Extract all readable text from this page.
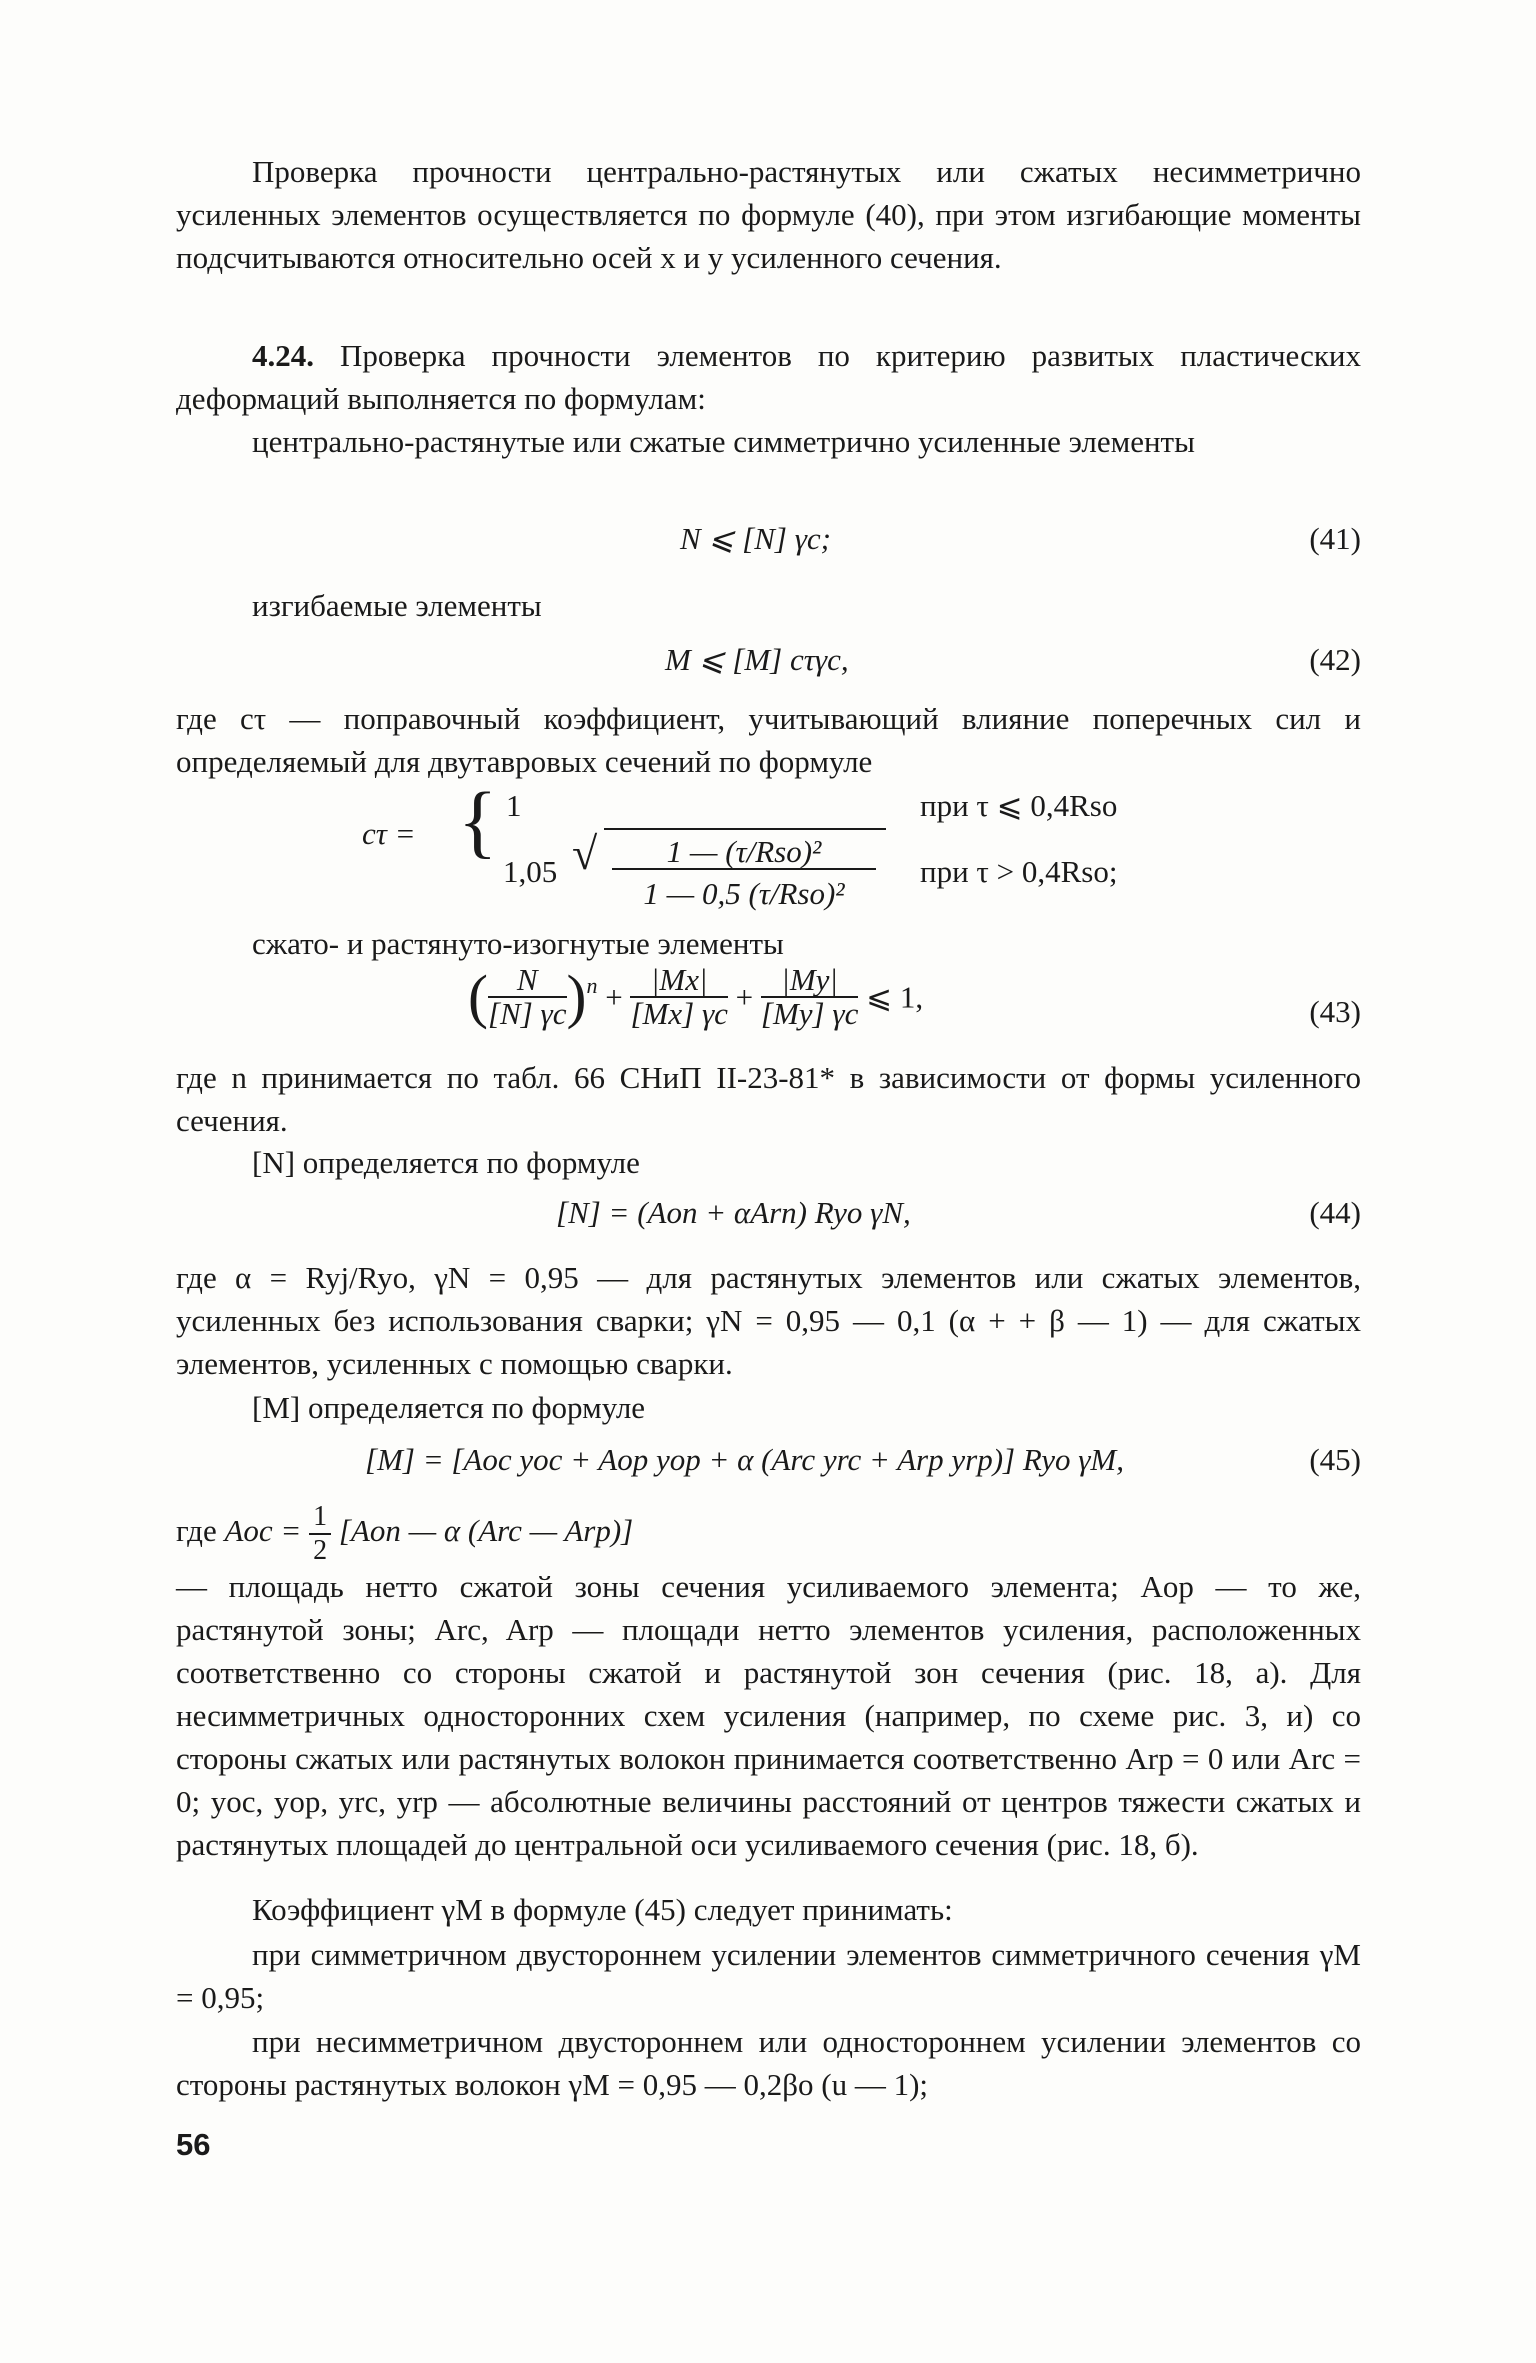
Проверка прочности центрально-растянутых или сжатых несимметрично усиленных элементов осуществляется по формуле (40), при этом изгибающие моменты подсчитываются относительно осей x и y усиленного сечения.
4.24. Проверка прочности элементов по критерию развитых пластических деформаций выполняется по формулам:
центрально-растянутые или сжатые симметрично усиленные элементы
N ⩽ [N] γc;	(41)
изгибаемые элементы
M ⩽ [M] cτγc,	(42)
где cτ — поправочный коэффициент, учитывающий влияние поперечных сил и определяемый для двутавровых сечений по формуле
cτ = { 1	при τ ⩽ 0,4Rso
1,05 √	1 — (τ/Rso)²
1 — 0,5 (τ/Rso)²
при τ > 0,4Rso;
сжато- и растянуто-изогнутые элементы
( $\frac{N}{[N] \gamma c} )^n + \frac{|Mx|}{[Mx] \gamma c} + \frac{|My|}{[My] \gamma c}$ ⩽ 1,	(43)
где n принимается по табл. 66 СНиП II-23-81* в зависимости от формы усиленного сечения.
[N] определяется по формуле
[N] = (Aon + αArn) Ryo γN,	(44)
где α = Ryj/Ryo, γN = 0,95 — для растянутых элементов или сжатых элементов, усиленных без использования сварки; γN = 0,95 — 0,1 (α + + β — 1) — для сжатых элементов, усиленных с помощью сварки.
[M] определяется по формуле
[M] = [Aoc yoc + Aop yop + α (Arc yrc + Arp yrp)] Ryo γM,	(45)
где Aoc = $\frac{1}{2} [Aon$ — α (Arc — Arp)]
— площадь нетто сжатой зоны сечения усиливаемого элемента; Aop — то же, растянутой зоны; Arc, Arp — площади нетто элементов усиления, расположенных соответственно со стороны сжатой и растянутой зон сечения (рис. 18, а). Для несимметричных односторонних схем усиления (например, по схеме рис. 3, и) со стороны сжатых или растянутых волокон принимается соответственно Arp = 0 или Arc = 0; yoc, yop, yrc, yrp — абсолютные величины расстояний от центров тяжести сжатых и растянутых площадей до центральной оси усиливаемого сечения (рис. 18, б).
Коэффициент γM в формуле (45) следует принимать:
при симметричном двустороннем усилении элементов симметричного сечения γM = 0,95;
при несимметричном двустороннем или одностороннем усилении элементов со стороны растянутых волокон γM = 0,95 — 0,2βo (u — 1);
56
